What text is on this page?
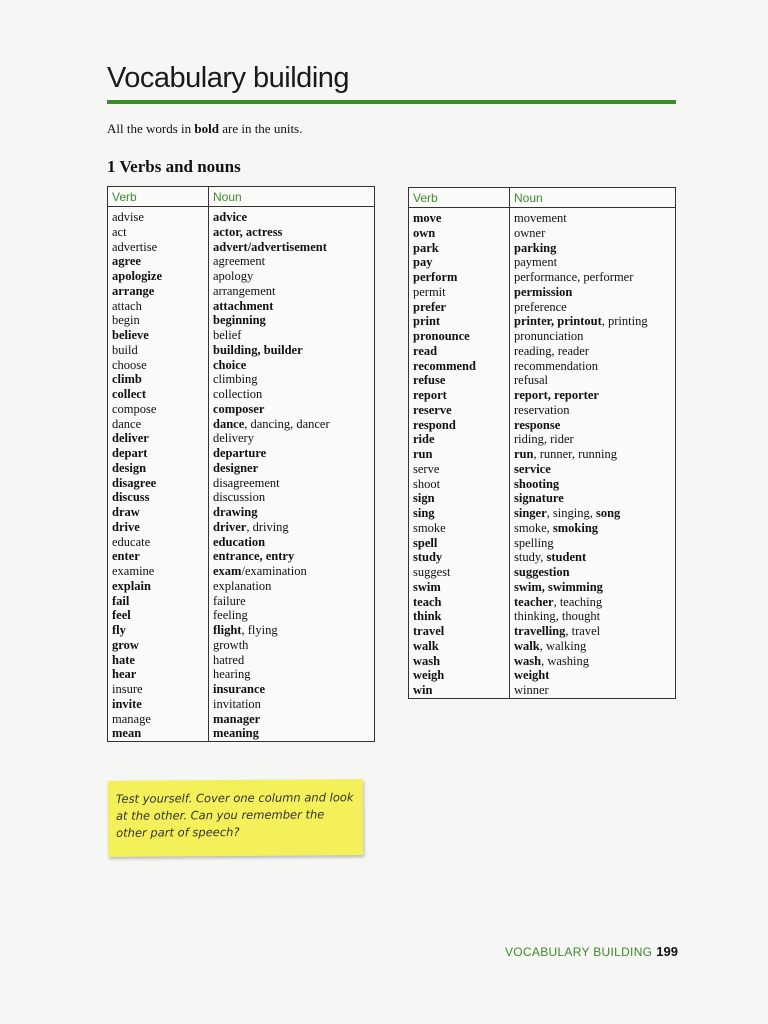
Vocabulary building
All the words in bold are in the units.
1 Verbs and nouns
Verb	Noun
advise	advice
act	actor, actress
advertise	advert/advertisement
agree	agreement
apologize	apology
arrange	arrangement
attach	attachment
begin	beginning
believe	belief
build	building, builder
choose	choice
climb	climbing
collect	collection
compose	composer
dance	dance, dancing, dancer
deliver	delivery
depart	departure
design	designer
disagree	disagreement
discuss	discussion
draw	drawing
drive	driver, driving
educate	education
enter	entrance, entry
examine	exam/examination
explain	explanation
fail	failure
feel	feeling
fly	flight, flying
grow	growth
hate	hatred
hear	hearing
insure	insurance
invite	invitation
manage	manager
mean	meaning
Verb	Noun
move	movement
own	owner
park	parking
pay	payment
perform	performance, performer
permit	permission
prefer	preference
print	printer, printout, printing
pronounce	pronunciation
read	reading, reader
recommend	recommendation
refuse	refusal
report	report, reporter
reserve	reservation
respond	response
ride	riding, rider
run	run, runner, running
serve	service
shoot	shooting
sign	signature
sing	singer, singing, song
smoke	smoke, smoking
spell	spelling
study	study, student
suggest	suggestion
swim	swim, swimming
teach	teacher, teaching
think	thinking, thought
travel	travelling, travel
walk	walk, walking
wash	wash, washing
weigh	weight
win	winner

Test yourself. Cover one column and look at the other. Can you remember the other part of speech?

VOCABULARY BUILDING 199
